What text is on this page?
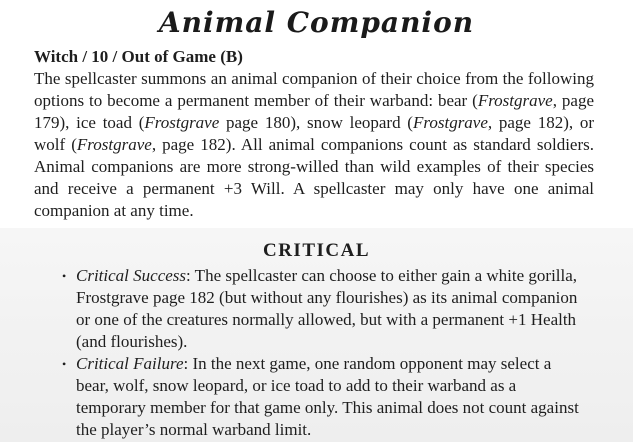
Animal Companion
Witch / 10 / Out of Game (B)
The spellcaster summons an animal companion of their choice from the following options to become a permanent member of their warband: bear (Frostgrave, page 179), ice toad (Frostgrave page 180), snow leopard (Frostgrave, page 182), or wolf (Frostgrave, page 182). All animal companions count as standard soldiers. Animal companions are more strong-willed than wild examples of their species and receive a permanent +3 Will. A spellcaster may only have one animal companion at any time.
CRITICAL
• Critical Success: The spellcaster can choose to either gain a white gorilla, Frostgrave page 182 (but without any flourishes) as its animal companion or one of the creatures normally allowed, but with a permanent +1 Health (and flourishes).
• Critical Failure: In the next game, one random opponent may select a bear, wolf, snow leopard, or ice toad to add to their warband as a temporary member for that game only. This animal does not count against the player’s normal warband limit.
